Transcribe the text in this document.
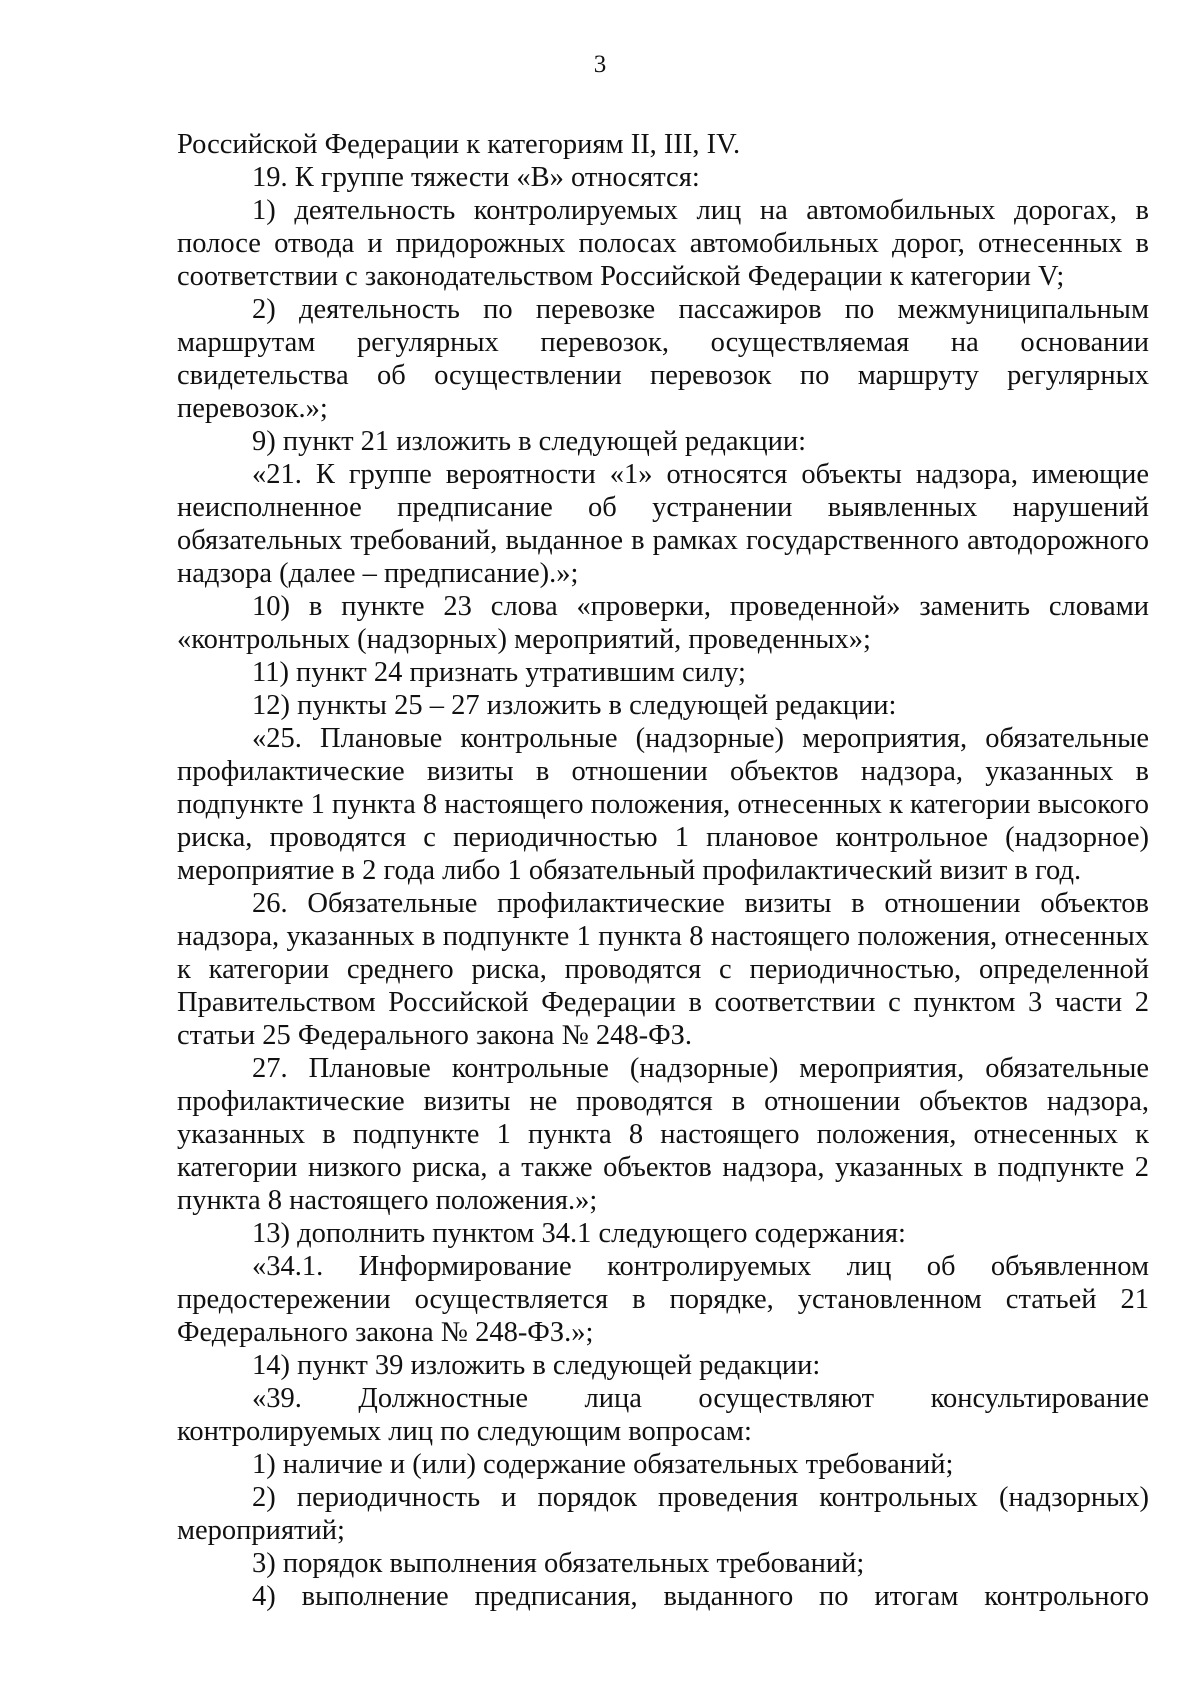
3

Российской Федерации к категориям II, III, IV.

19. К группе тяжести «В» относятся:

1) деятельность контролируемых лиц на автомобильных дорогах, в полосе отвода и придорожных полосах автомобильных дорог, отнесенных в соответствии с законодательством Российской Федерации к категории V;

2) деятельность по перевозке пассажиров по межмуниципальным маршрутам регулярных перевозок, осуществляемая на основании свидетельства об осуществлении перевозок по маршруту регулярных перевозок.»;

9) пункт 21 изложить в следующей редакции:

«21. К группе вероятности «1» относятся объекты надзора, имеющие неисполненное предписание об устранении выявленных нарушений обязательных требований, выданное в рамках государственного автодорожного надзора (далее – предписание).»;

10) в пункте 23 слова «проверки, проведенной» заменить словами «контрольных (надзорных) мероприятий, проведенных»;

11) пункт 24 признать утратившим силу;

12) пункты 25 – 27 изложить в следующей редакции:

«25. Плановые контрольные (надзорные) мероприятия, обязательные профилактические визиты в отношении объектов надзора, указанных в подпункте 1 пункта 8 настоящего положения, отнесенных к категории высокого риска, проводятся с периодичностью 1 плановое контрольное (надзорное) мероприятие в 2 года либо 1 обязательный профилактический визит в год.

26. Обязательные профилактические визиты в отношении объектов надзора, указанных в подпункте 1 пункта 8 настоящего положения, отнесенных к категории среднего риска, проводятся с периодичностью, определенной Правительством Российской Федерации в соответствии с пунктом 3 части 2 статьи 25 Федерального закона № 248-ФЗ.

27. Плановые контрольные (надзорные) мероприятия, обязательные профилактические визиты не проводятся в отношении объектов надзора, указанных в подпункте 1 пункта 8 настоящего положения, отнесенных к категории низкого риска, а также объектов надзора, указанных в подпункте 2 пункта 8 настоящего положения.»;

13) дополнить пунктом 34.1 следующего содержания:

«34.1. Информирование контролируемых лиц об объявленном предостережении осуществляется в порядке, установленном статьей 21 Федерального закона № 248-ФЗ.»;

14) пункт 39 изложить в следующей редакции:

«39. Должностные лица осуществляют консультирование контролируемых лиц по следующим вопросам:

1) наличие и (или) содержание обязательных требований;

2) периодичность и порядок проведения контрольных (надзорных) мероприятий;

3) порядок выполнения обязательных требований;

4) выполнение предписания, выданного по итогам контрольного
